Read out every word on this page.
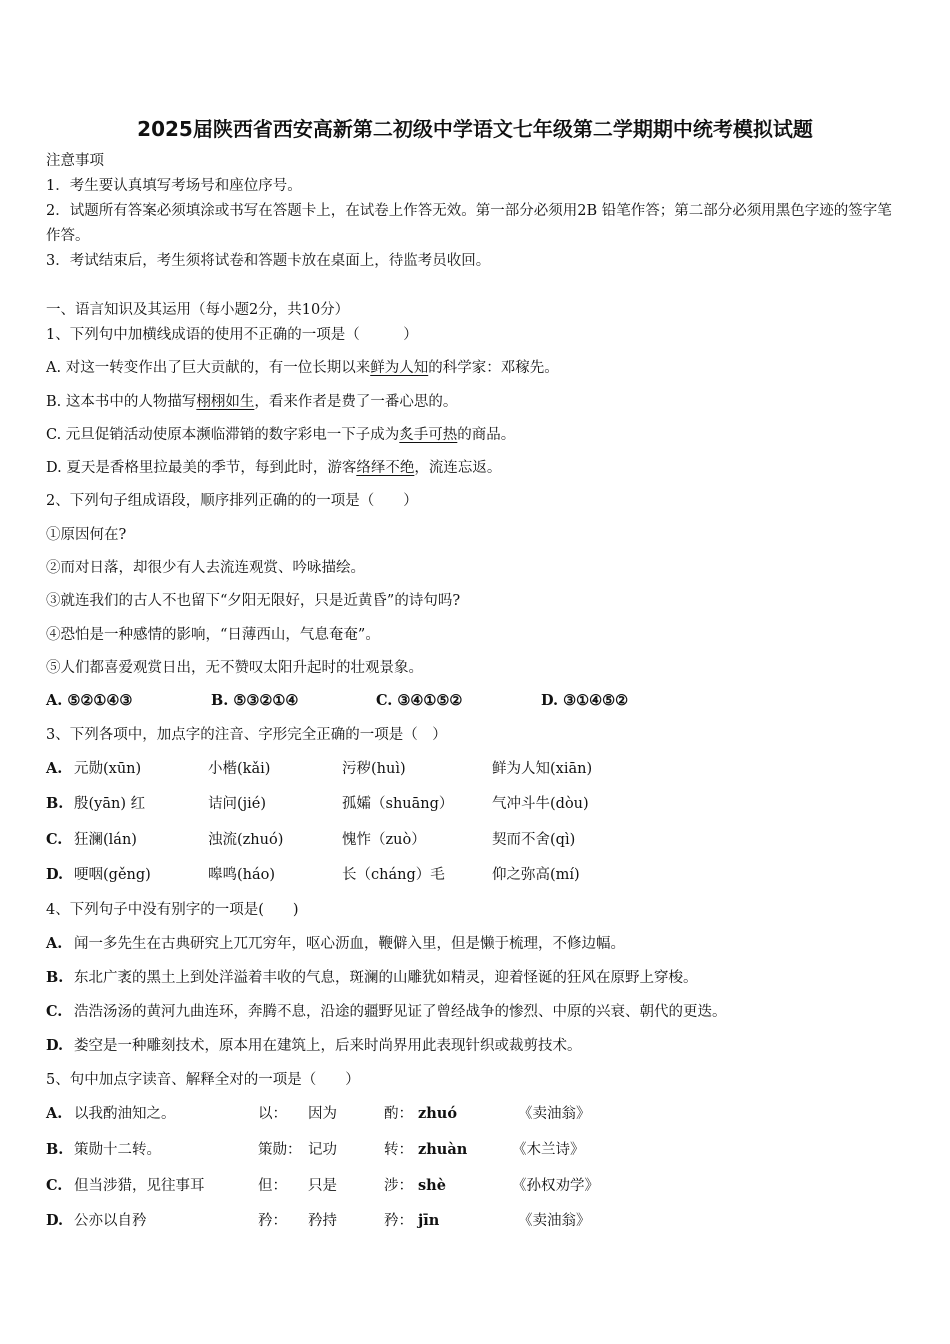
2025届陕西省西安高新第二初级中学语文七年级第二学期期中统考模拟试题
注意事项
1．考生要认真填写考场号和座位序号。
2．试题所有答案必须填涂或书写在答题卡上，在试卷上作答无效。第一部分必须用2B 铅笔作答；第二部分必须用黑色字迹的签字笔作答。
3．考试结束后，考生须将试卷和答题卡放在桌面上，待监考员收回。
一、语言知识及其运用（每小题2分，共10分）
1、下列句中加横线成语的使用不正确的一项是（　　　）
A. 对这一转变作出了巨大贡献的，有一位长期以来鲜为人知的科学家：邓稼先。
B. 这本书中的人物描写栩栩如生，看来作者是费了一番心思的。
C. 元旦促销活动使原本濒临滞销的数字彩电一下子成为炙手可热的商品。
D. 夏天是香格里拉最美的季节，每到此时，游客络绎不绝，流连忘返。
2、下列句子组成语段，顺序排列正确的的一项是（　　）
①原因何在?
②而对日落，却很少有人去流连观赏、吟咏描绘。
③就连我们的古人不也留下“夕阳无限好，只是近黄昏”的诗句吗?
④恐怕是一种感情的影响，“日薄西山，气息奄奄”。
⑤人们都喜爱观赏日出，无不赞叹太阳升起时的壮观景象。
A. ⑤②①④③	B. ⑤③②①④	C. ③④①⑤②	D. ③①④⑤②
3、下列各项中，加点字的注音、字形完全正确的一项是（　）
A. 元勋(xūn)	小楷(kǎi)	污秽(huì)	鲜为人知(xiān)
B. 殷(yān) 红	诘问(jié)	孤孀（shuāng）	气冲斗牛(dòu)
C. 狂澜(lán)	浊流(zhuó)	愧怍（zuò）	契而不舍(qì)
D. 哽咽(gěng)	嗥鸣(háo)	长（cháng）毛	仰之弥高(mí)
4、下列句子中没有别字的一项是(　　)
A. 闻一多先生在古典研究上兀兀穷年，呕心沥血，鞭僻入里，但是懒于梳理，不修边幅。
B. 东北广袤的黑土上到处洋溢着丰收的气息，斑澜的山雕犹如精灵，迎着怪诞的狂风在原野上穿梭。
C. 浩浩汤汤的黄河九曲连环，奔腾不息，沿途的疆野见证了曾经战争的惨烈、中原的兴衰、朝代的更迭。
D. 娄空是一种雕刻技术，原本用在建筑上，后来时尚界用此表现针织或裁剪技术。
5、句中加点字读音、解释全对的一项是（　　）
A. 以我酌油知之。	以： 因为	酌： zhuó	《卖油翁》
B. 策勋十二转。	策勋： 记功	转： zhuàn	《木兰诗》
C. 但当涉猎，见往事耳	但： 只是	涉： shè	《孙权劝学》
D. 公亦以自矜	矜： 矜持	矜： jīn	《卖油翁》
